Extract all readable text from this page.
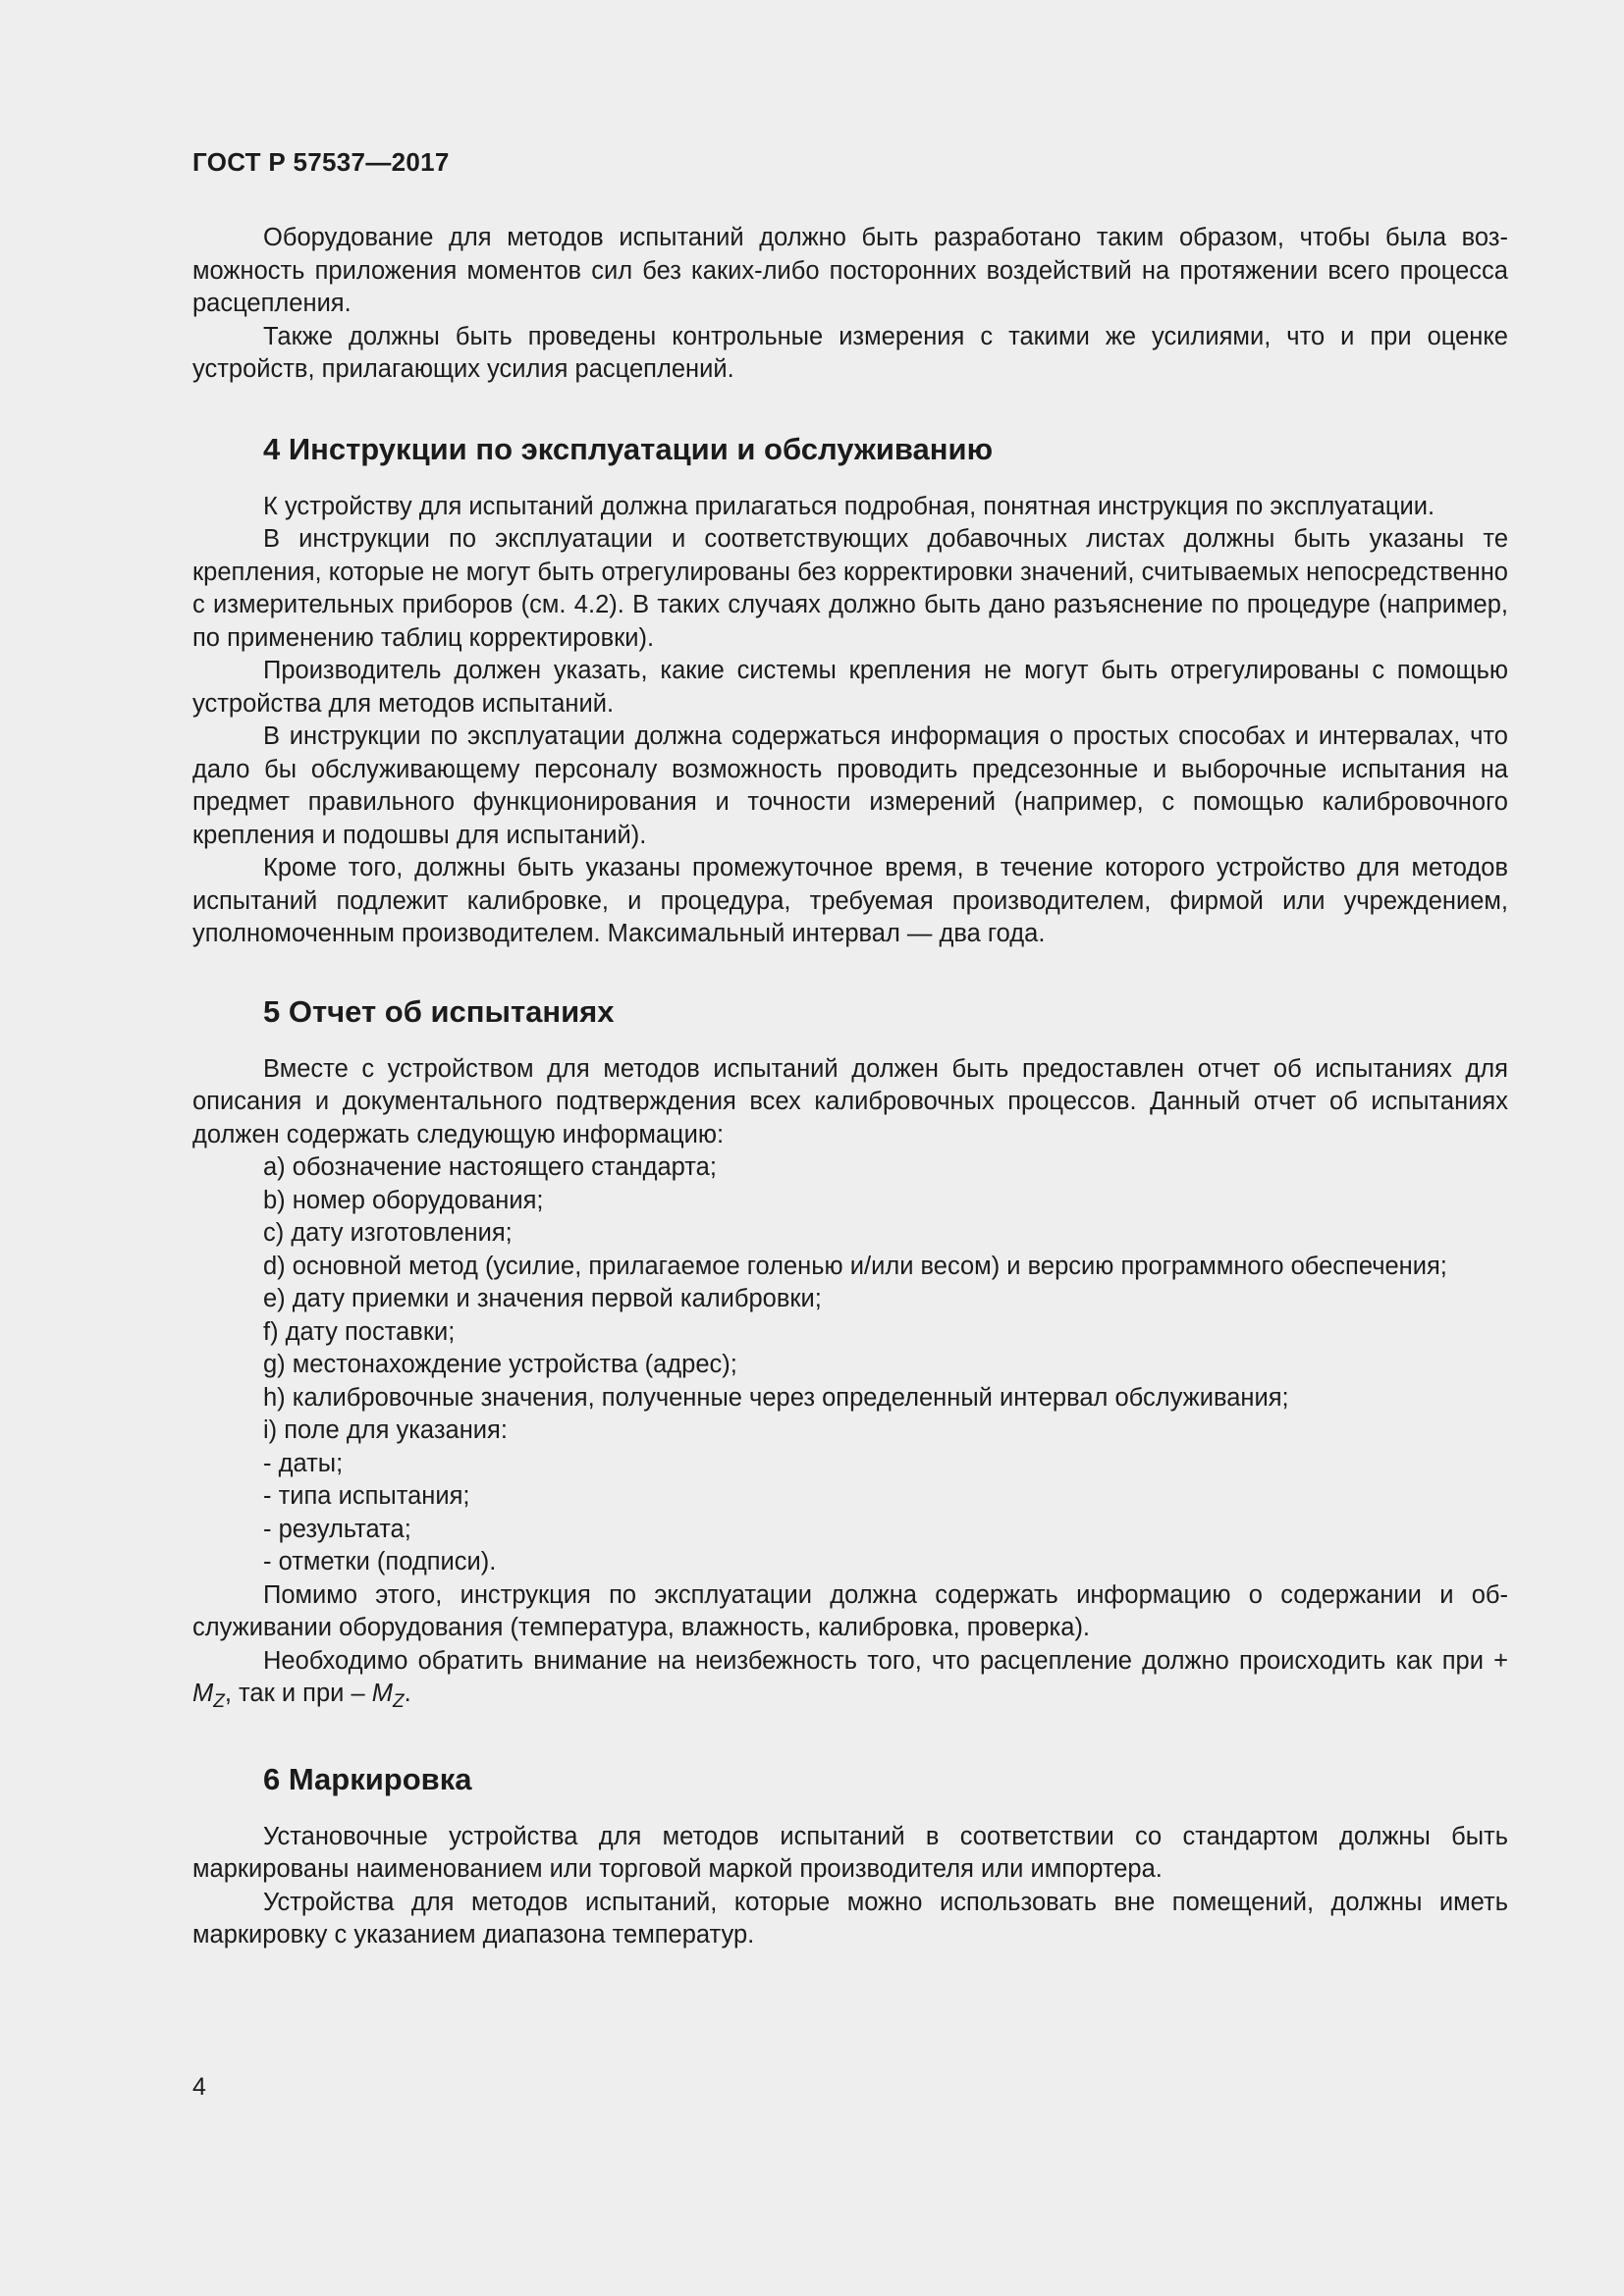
ГОСТ Р 57537—2017

Оборудование для методов испытаний должно быть разработано таким образом, чтобы была возможность приложения моментов сил без каких-либо посторонних воздействий на протяжении всего процесса расцепления.

Также должны быть проведены контрольные измерения с такими же усилиями, что и при оценке устройств, прилагающих усилия расцеплений.

4 Инструкции по эксплуатации и обслуживанию

К устройству для испытаний должна прилагаться подробная, понятная инструкция по эксплуатации.

В инструкции по эксплуатации и соответствующих добавочных листах должны быть указаны те крепления, которые не могут быть отрегулированы без корректировки значений, считываемых непосредственно с измерительных приборов (см. 4.2). В таких случаях должно быть дано разъяснение по процедуре (например, по применению таблиц корректировки).

Производитель должен указать, какие системы крепления не могут быть отрегулированы с помощью устройства для методов испытаний.

В инструкции по эксплуатации должна содержаться информация о простых способах и интервалах, что дало бы обслуживающему персоналу возможность проводить предсезонные и выборочные испытания на предмет правильного функционирования и точности измерений (например, с помощью калибровочного крепления и подошвы для испытаний).

Кроме того, должны быть указаны промежуточное время, в течение которого устройство для методов испытаний подлежит калибровке, и процедура, требуемая производителем, фирмой или учреждением, уполномоченным производителем. Максимальный интервал — два года.

5 Отчет об испытаниях

Вместе с устройством для методов испытаний должен быть предоставлен отчет об испытаниях для описания и документального подтверждения всех калибровочных процессов. Данный отчет об испытаниях должен содержать следующую информацию:

a) обозначение настоящего стандарта;

b) номер оборудования;

c) дату изготовления;

d) основной метод (усилие, прилагаемое голенью и/или весом) и версию программного обеспечения;

e) дату приемки и значения первой калибровки;

f) дату поставки;

g) местонахождение устройства (адрес);

h) калибровочные значения, полученные через определенный интервал обслуживания;

i) поле для указания:

- даты;

- типа испытания;

- результата;

- отметки (подписи).

Помимо этого, инструкция по эксплуатации должна содержать информацию о содержании и обслуживании оборудования (температура, влажность, калибровка, проверка).

Необходимо обратить внимание на неизбежность того, что расцепление должно происходить как при + $M_Z$, так и при – $M_Z$.

6 Маркировка

Установочные устройства для методов испытаний в соответствии со стандартом должны быть маркированы наименованием или торговой маркой производителя или импортера.

Устройства для методов испытаний, которые можно использовать вне помещений, должны иметь маркировку с указанием диапазона температур.

4
